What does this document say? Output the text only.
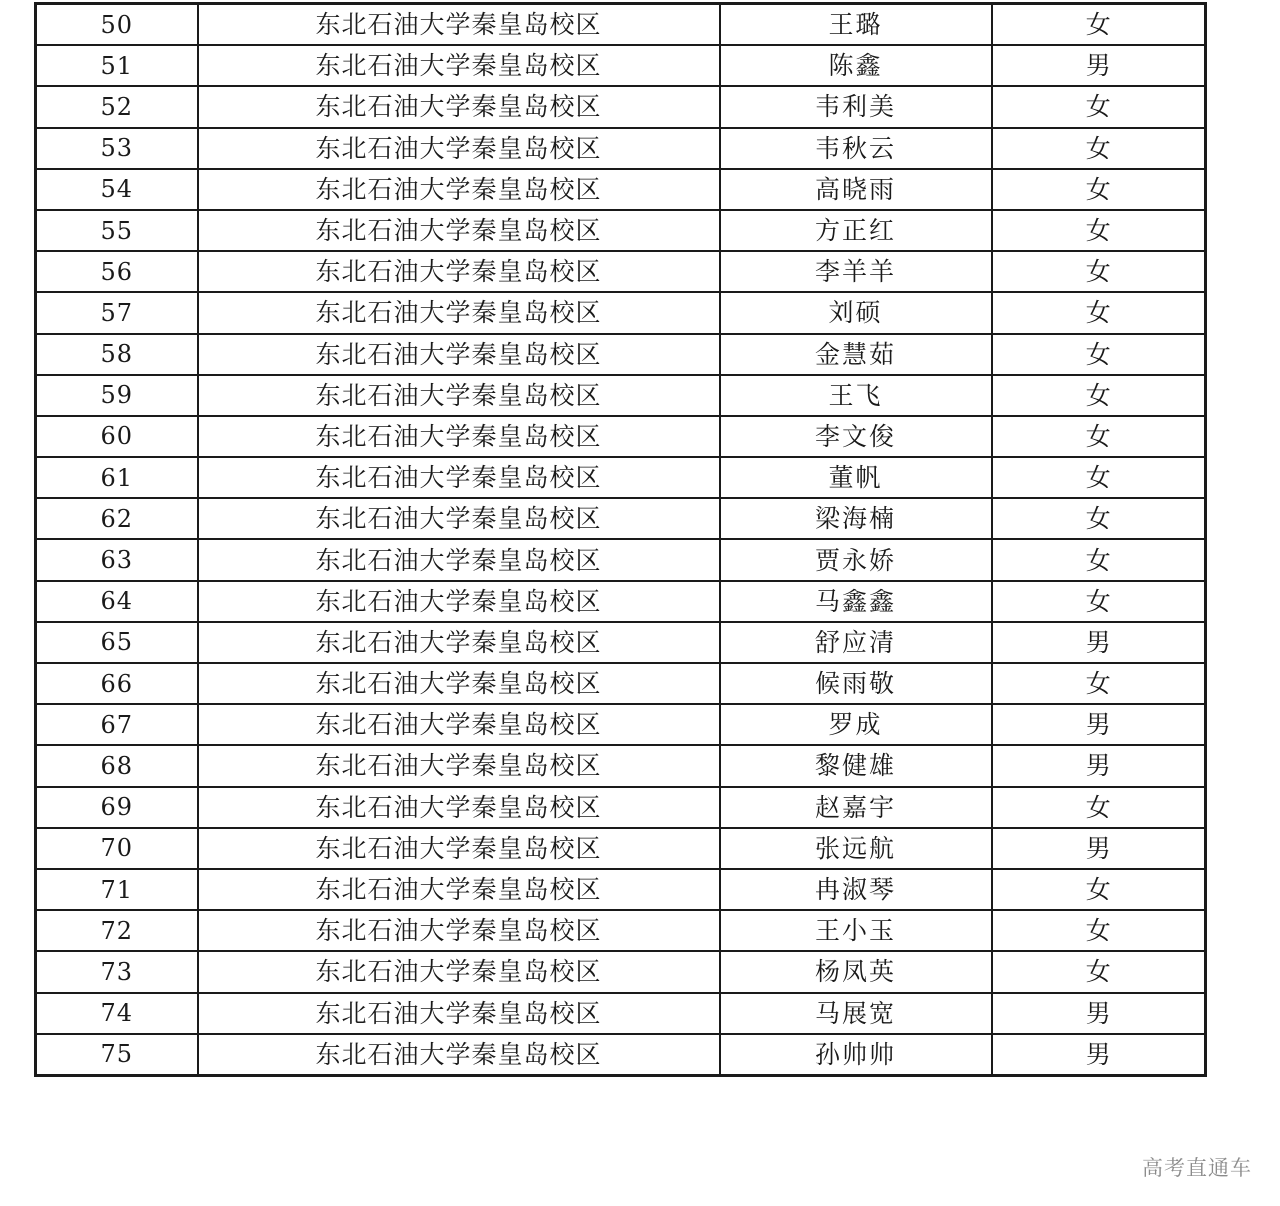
50	东北石油大学秦皇岛校区	王璐	女
51	东北石油大学秦皇岛校区	陈鑫	男
52	东北石油大学秦皇岛校区	韦利美	女
53	东北石油大学秦皇岛校区	韦秋云	女
54	东北石油大学秦皇岛校区	高晓雨	女
55	东北石油大学秦皇岛校区	方正红	女
56	东北石油大学秦皇岛校区	李羊羊	女
57	东北石油大学秦皇岛校区	刘硕	女
58	东北石油大学秦皇岛校区	金慧茹	女
59	东北石油大学秦皇岛校区	王飞	女
60	东北石油大学秦皇岛校区	李文俊	女
61	东北石油大学秦皇岛校区	董帆	女
62	东北石油大学秦皇岛校区	梁海楠	女
63	东北石油大学秦皇岛校区	贾永娇	女
64	东北石油大学秦皇岛校区	马鑫鑫	女
65	东北石油大学秦皇岛校区	舒应清	男
66	东北石油大学秦皇岛校区	候雨敬	女
67	东北石油大学秦皇岛校区	罗成	男
68	东北石油大学秦皇岛校区	黎健雄	男
69	东北石油大学秦皇岛校区	赵嘉宇	女
70	东北石油大学秦皇岛校区	张远航	男
71	东北石油大学秦皇岛校区	冉淑琴	女
72	东北石油大学秦皇岛校区	王小玉	女
73	东北石油大学秦皇岛校区	杨凤英	女
74	东北石油大学秦皇岛校区	马展宽	男
75	东北石油大学秦皇岛校区	孙帅帅	男
高考直通车
